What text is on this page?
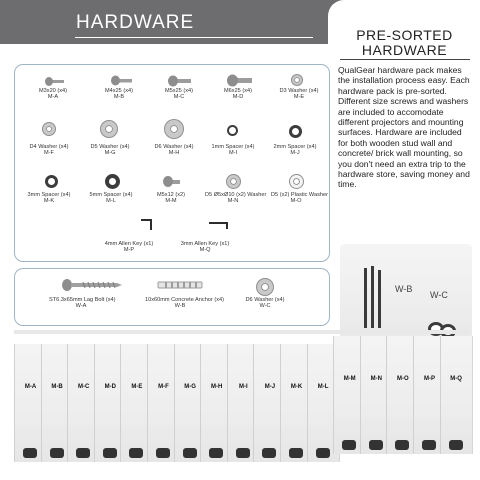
HARDWARE
PRE-SORTED
HARDWARE
QualGear hardware pack makes the installation process easy. Each hardware pack is pre-sorted. Different size screws and washers are included to accomodate different projectors and mounting surfaces. Hardware are included for both wooden stud wall and concrete/ brick wall mounting, so you don't need an extra trip to the hardware store, saving money and time.
M3x20 (x4)
M-A
M4x25 (x4)
M-B
M5x25 (x4)
M-C
M6x25 (x4)
M-D
D3 Washer (x4)
M-E
D4 Washer (x4)
M-F
D5 Washer (x4)
M-G
D6 Washer (x4)
M-H
1mm Spacer (x4)
M-I
2mm Spacer (x4)
M-J
3mm Spacer (x4)
M-K
5mm Spacer (x4)
M-L
M5x12 (x2)
M-M
D5 Ø5xØ10 (x2) Washer
M-N
D5 (x2) Plastic Washer
M-O
4mm Allen Key (x1)
M-P
3mm Allen Key (x1)
M-Q
ST6.3x65mm Lag Bolt (x4)
W-A
10x60mm Concrete Anchor (x4)
W-B
D6 Washer (x4)
W-C
W-B
W-C
M-A	M-B	M-C	M-D	M-E	M-F	M-G	M-H	M-I	M-J	M-K	M-L
M-M	M-N	M-O	M-P	M-Q
